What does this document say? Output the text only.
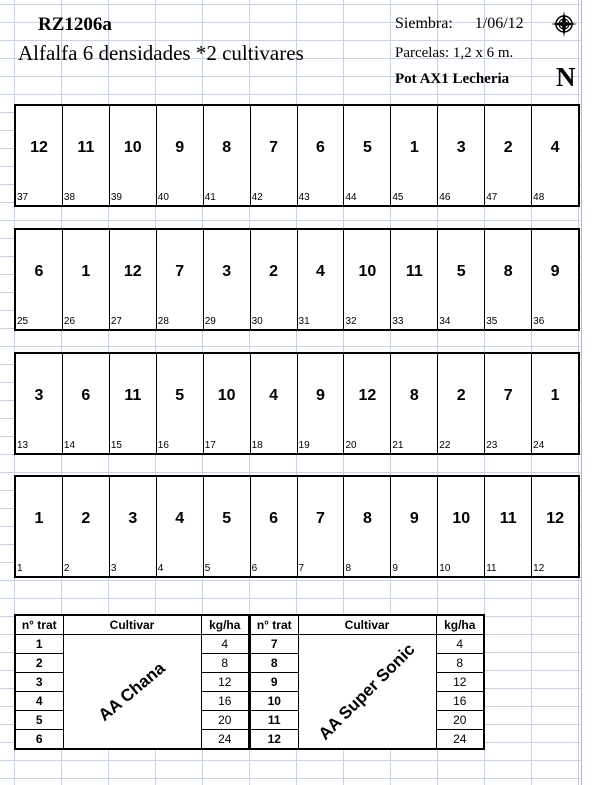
RZ1206a
Alfalfa 6 densidades *2 cultivares
Siembra: 1/06/12
Parcelas: 1,2 x 6 m.
Pot AX1 Lecheria N
12
37
11
38
10
39
9
40
8
41
7
42
6
43
5
44
1
45
3
46
2
47
4
48
6
25
1
26
12
27
7
28
3
29
2
30
4
31
10
32
11
33
5
34
8
35
9
36
3
13
6
14
11
15
5
16
10
17
4
18
9
19
12
20
8
21
2
22
7
23
1
24
1
1
2
2
3
3
4
4
5
5
6
6
7
7
8
8
9
9
10
10
11
11
12
12
n° trat	Cultivar	kg/ha
1	AA Chana	4
2		8
3		12
4		16
5		20
6		24
n° trat	Cultivar	kg/ha
7	AA Super Sonic	4
8		8
9		12
10		16
11		20
12		24
